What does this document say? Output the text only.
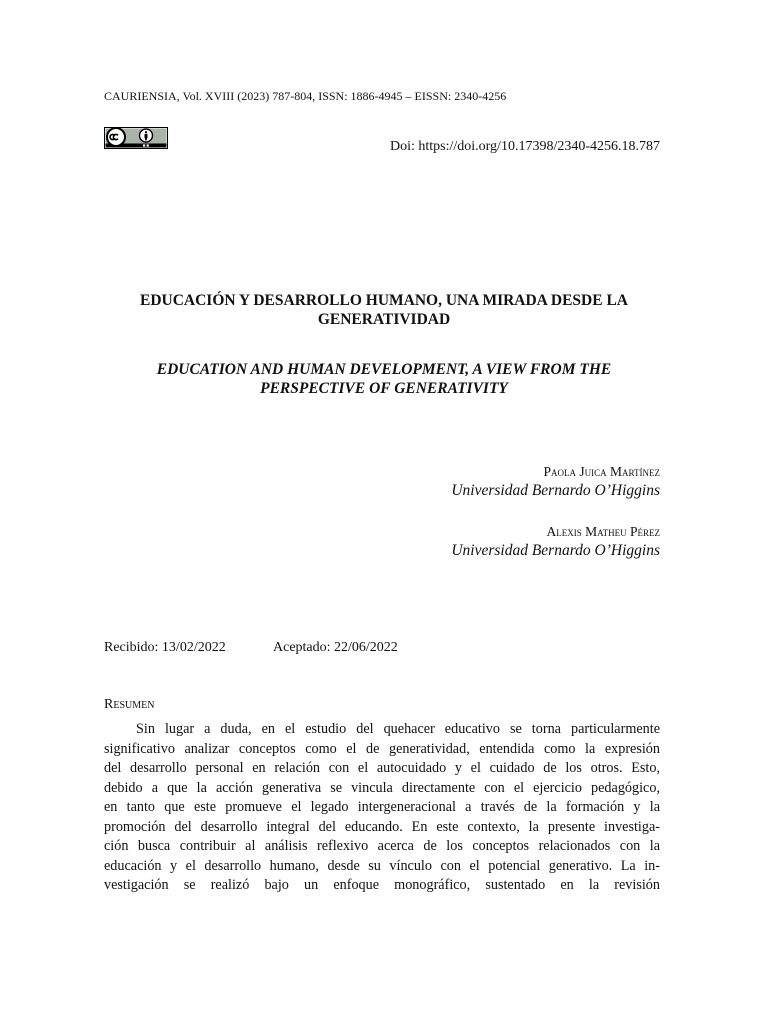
CAURIENSIA, Vol. XVIII (2023) 787-804, ISSN: 1886-4945 – EISSN: 2340-4256
Doi: https://doi.org/10.17398/2340-4256.18.787
EDUCACIÓN Y DESARROLLO HUMANO, UNA MIRADA DESDE LA
GENERATIVIDAD
EDUCATION AND HUMAN DEVELOPMENT, A VIEW FROM THE
PERSPECTIVE OF GENERATIVITY
Paola Juica Martínez
Universidad Bernardo O’Higgins
Alexis Matheu Pérez
Universidad Bernardo O’Higgins
Recibido: 13/02/2022	Aceptado: 22/06/2022
Resumen
Sin lugar a duda, en el estudio del quehacer educativo se torna particularmente
significativo analizar conceptos como el de generatividad, entendida como la expresión
del desarrollo personal en relación con el autocuidado y el cuidado de los otros. Esto,
debido a que la acción generativa se vincula directamente con el ejercicio pedagógico,
en tanto que este promueve el legado intergeneracional a través de la formación y la
promoción del desarrollo integral del educando. En este contexto, la presente investiga-
ción busca contribuir al análisis reflexivo acerca de los conceptos relacionados con la
educación y el desarrollo humano, desde su vínculo con el potencial generativo. La in-
vestigación se realizó bajo un enfoque monográfico, sustentado en la revisión
